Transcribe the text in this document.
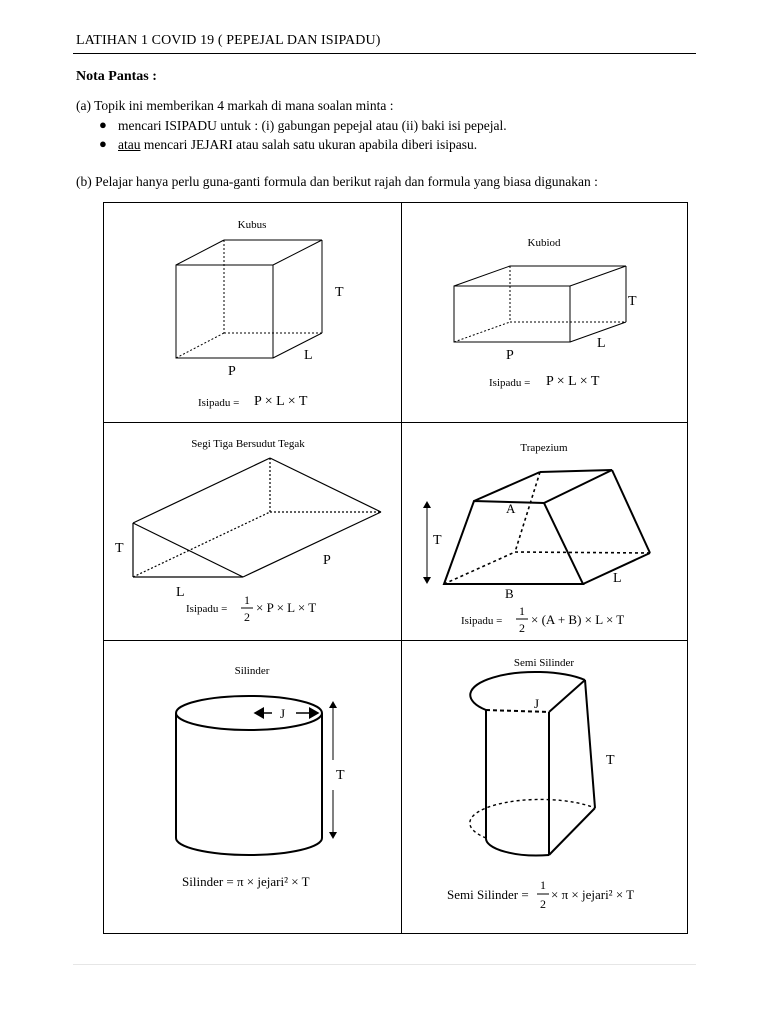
LATIHAN 1 COVID 19 ( PEPEJAL DAN ISIPADU)
Nota Pantas :
(a) Topik ini memberikan 4 markah di mana soalan minta :
● mencari ISIPADU untuk : (i) gabungan pepejal atau (ii) baki isi pepejal.
● atau mencari JEJARI atau salah satu ukuran apabila diberi isipasu.
(b) Pelajar hanya perlu guna-ganti formula dan berikut rajah dan formula yang biasa digunakan :
Kubus
T
L
P
Isipadu = P × L × T
Kubiod
T
L
P
Isipadu = P × L × T
Segi Tiga Bersudut Tegak
T
L
P
Isipadu =
1
2
× P × L × T
Trapezium
A
B
T
L
Isipadu =
1
2
× (A + B) × L × T
Silinder
J
T
Silinder = π × jejari² × T
Semi Silinder
J
T
Semi Silinder =
1
2
× π × jejari² × T
